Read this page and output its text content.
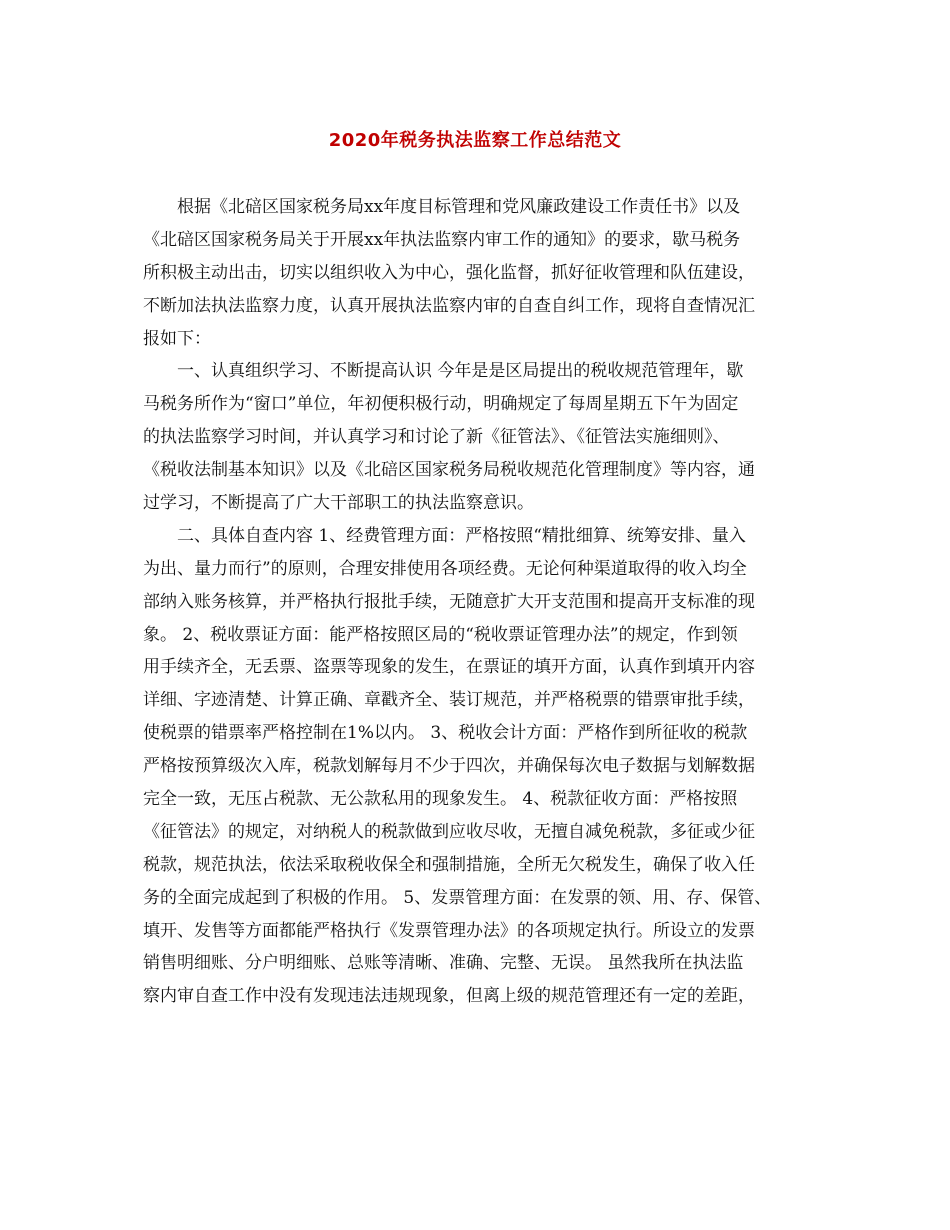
2020年税务执法监察工作总结范文
根据《北碚区国家税务局xx年度目标管理和党风廉政建设工作责任书》以及
《北碚区国家税务局关于开展xx年执法监察内审工作的通知》的要求，歇马税务
所积极主动出击，切实以组织收入为中心，强化监督，抓好征收管理和队伍建设，
不断加法执法监察力度，认真开展执法监察内审的自查自纠工作，现将自查情况汇
报如下：
一、认真组织学习、不断提高认识 今年是是区局提出的税收规范管理年，歇
马税务所作为“窗口”单位，年初便积极行动，明确规定了每周星期五下午为固定
的执法监察学习时间，并认真学习和讨论了新《征管法》、《征管法实施细则》、
《税收法制基本知识》以及《北碚区国家税务局税收规范化管理制度》等内容，通
过学习，不断提高了广大干部职工的执法监察意识。
二、具体自查内容 1、经费管理方面：严格按照“精批细算、统筹安排、量入
为出、量力而行”的原则，合理安排使用各项经费。无论何种渠道取得的收入均全
部纳入账务核算，并严格执行报批手续，无随意扩大开支范围和提高开支标准的现
象。 2、税收票证方面：能严格按照区局的“税收票证管理办法”的规定，作到领
用手续齐全，无丢票、盗票等现象的发生，在票证的填开方面，认真作到填开内容
详细、字迹清楚、计算正确、章戳齐全、装订规范，并严格税票的错票审批手续，
使税票的错票率严格控制在1%以内。 3、税收会计方面：严格作到所征收的税款
严格按预算级次入库，税款划解每月不少于四次，并确保每次电子数据与划解数据
完全一致，无压占税款、无公款私用的现象发生。 4、税款征收方面：严格按照
《征管法》的规定，对纳税人的税款做到应收尽收，无擅自减免税款，多征或少征
税款，规范执法，依法采取税收保全和强制措施，全所无欠税发生，确保了收入任
务的全面完成起到了积极的作用。 5、发票管理方面：在发票的领、用、存、保管、
填开、发售等方面都能严格执行《发票管理办法》的各项规定执行。所设立的发票
销售明细账、分户明细账、总账等清晰、准确、完整、无误。 虽然我所在执法监
察内审自查工作中没有发现违法违规现象，但离上级的规范管理还有一定的差距，
